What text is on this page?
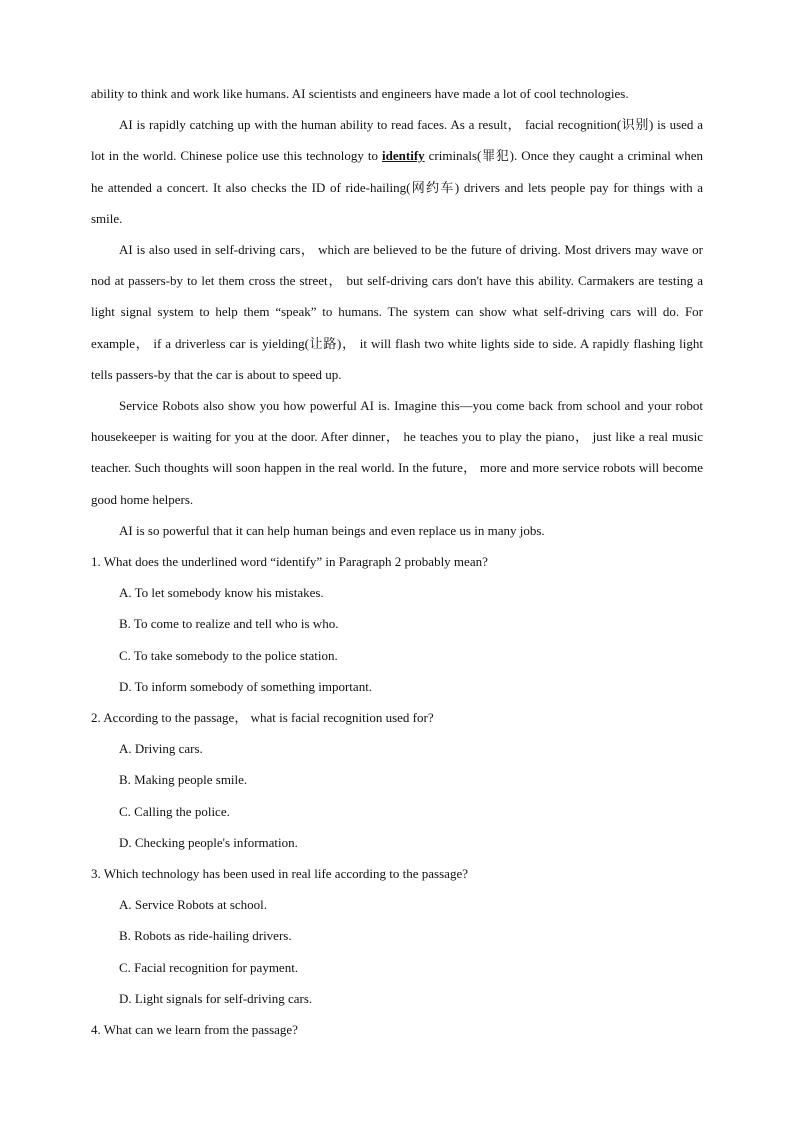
ability to think and work like humans. AI scientists and engineers have made a lot of cool technologies.

AI is rapidly catching up with the human ability to read faces. As a result， facial recognition(识别) is used a lot in the world. Chinese police use this technology to identify criminals(罪犯). Once they caught a criminal when he attended a concert. It also checks the ID of ride-hailing(网约车) drivers and lets people pay for things with a smile.

AI is also used in self-driving cars， which are believed to be the future of driving. Most drivers may wave or nod at passers-by to let them cross the street， but self-driving cars don't have this ability. Carmakers are testing a light signal system to help them “speak” to humans. The system can show what self-driving cars will do. For example， if a driverless car is yielding(让路)， it will flash two white lights side to side. A rapidly flashing light tells passers-by that the car is about to speed up.

Service Robots also show you how powerful AI is. Imagine this—you come back from school and your robot housekeeper is waiting for you at the door. After dinner， he teaches you to play the piano， just like a real music teacher. Such thoughts will soon happen in the real world. In the future， more and more service robots will become good home helpers.

AI is so powerful that it can help human beings and even replace us in many jobs.

1. What does the underlined word “identify” in Paragraph 2 probably mean?

A. To let somebody know his mistakes.
B. To come to realize and tell who is who.
C. To take somebody to the police station.
D. To inform somebody of something important.

2. According to the passage， what is facial recognition used for?

A. Driving cars.
B. Making people smile.
C. Calling the police.
D. Checking people's information.

3. Which technology has been used in real life according to the passage?

A. Service Robots at school.
B. Robots as ride-hailing drivers.
C. Facial recognition for payment.
D. Light signals for self-driving cars.

4. What can we learn from the passage?
